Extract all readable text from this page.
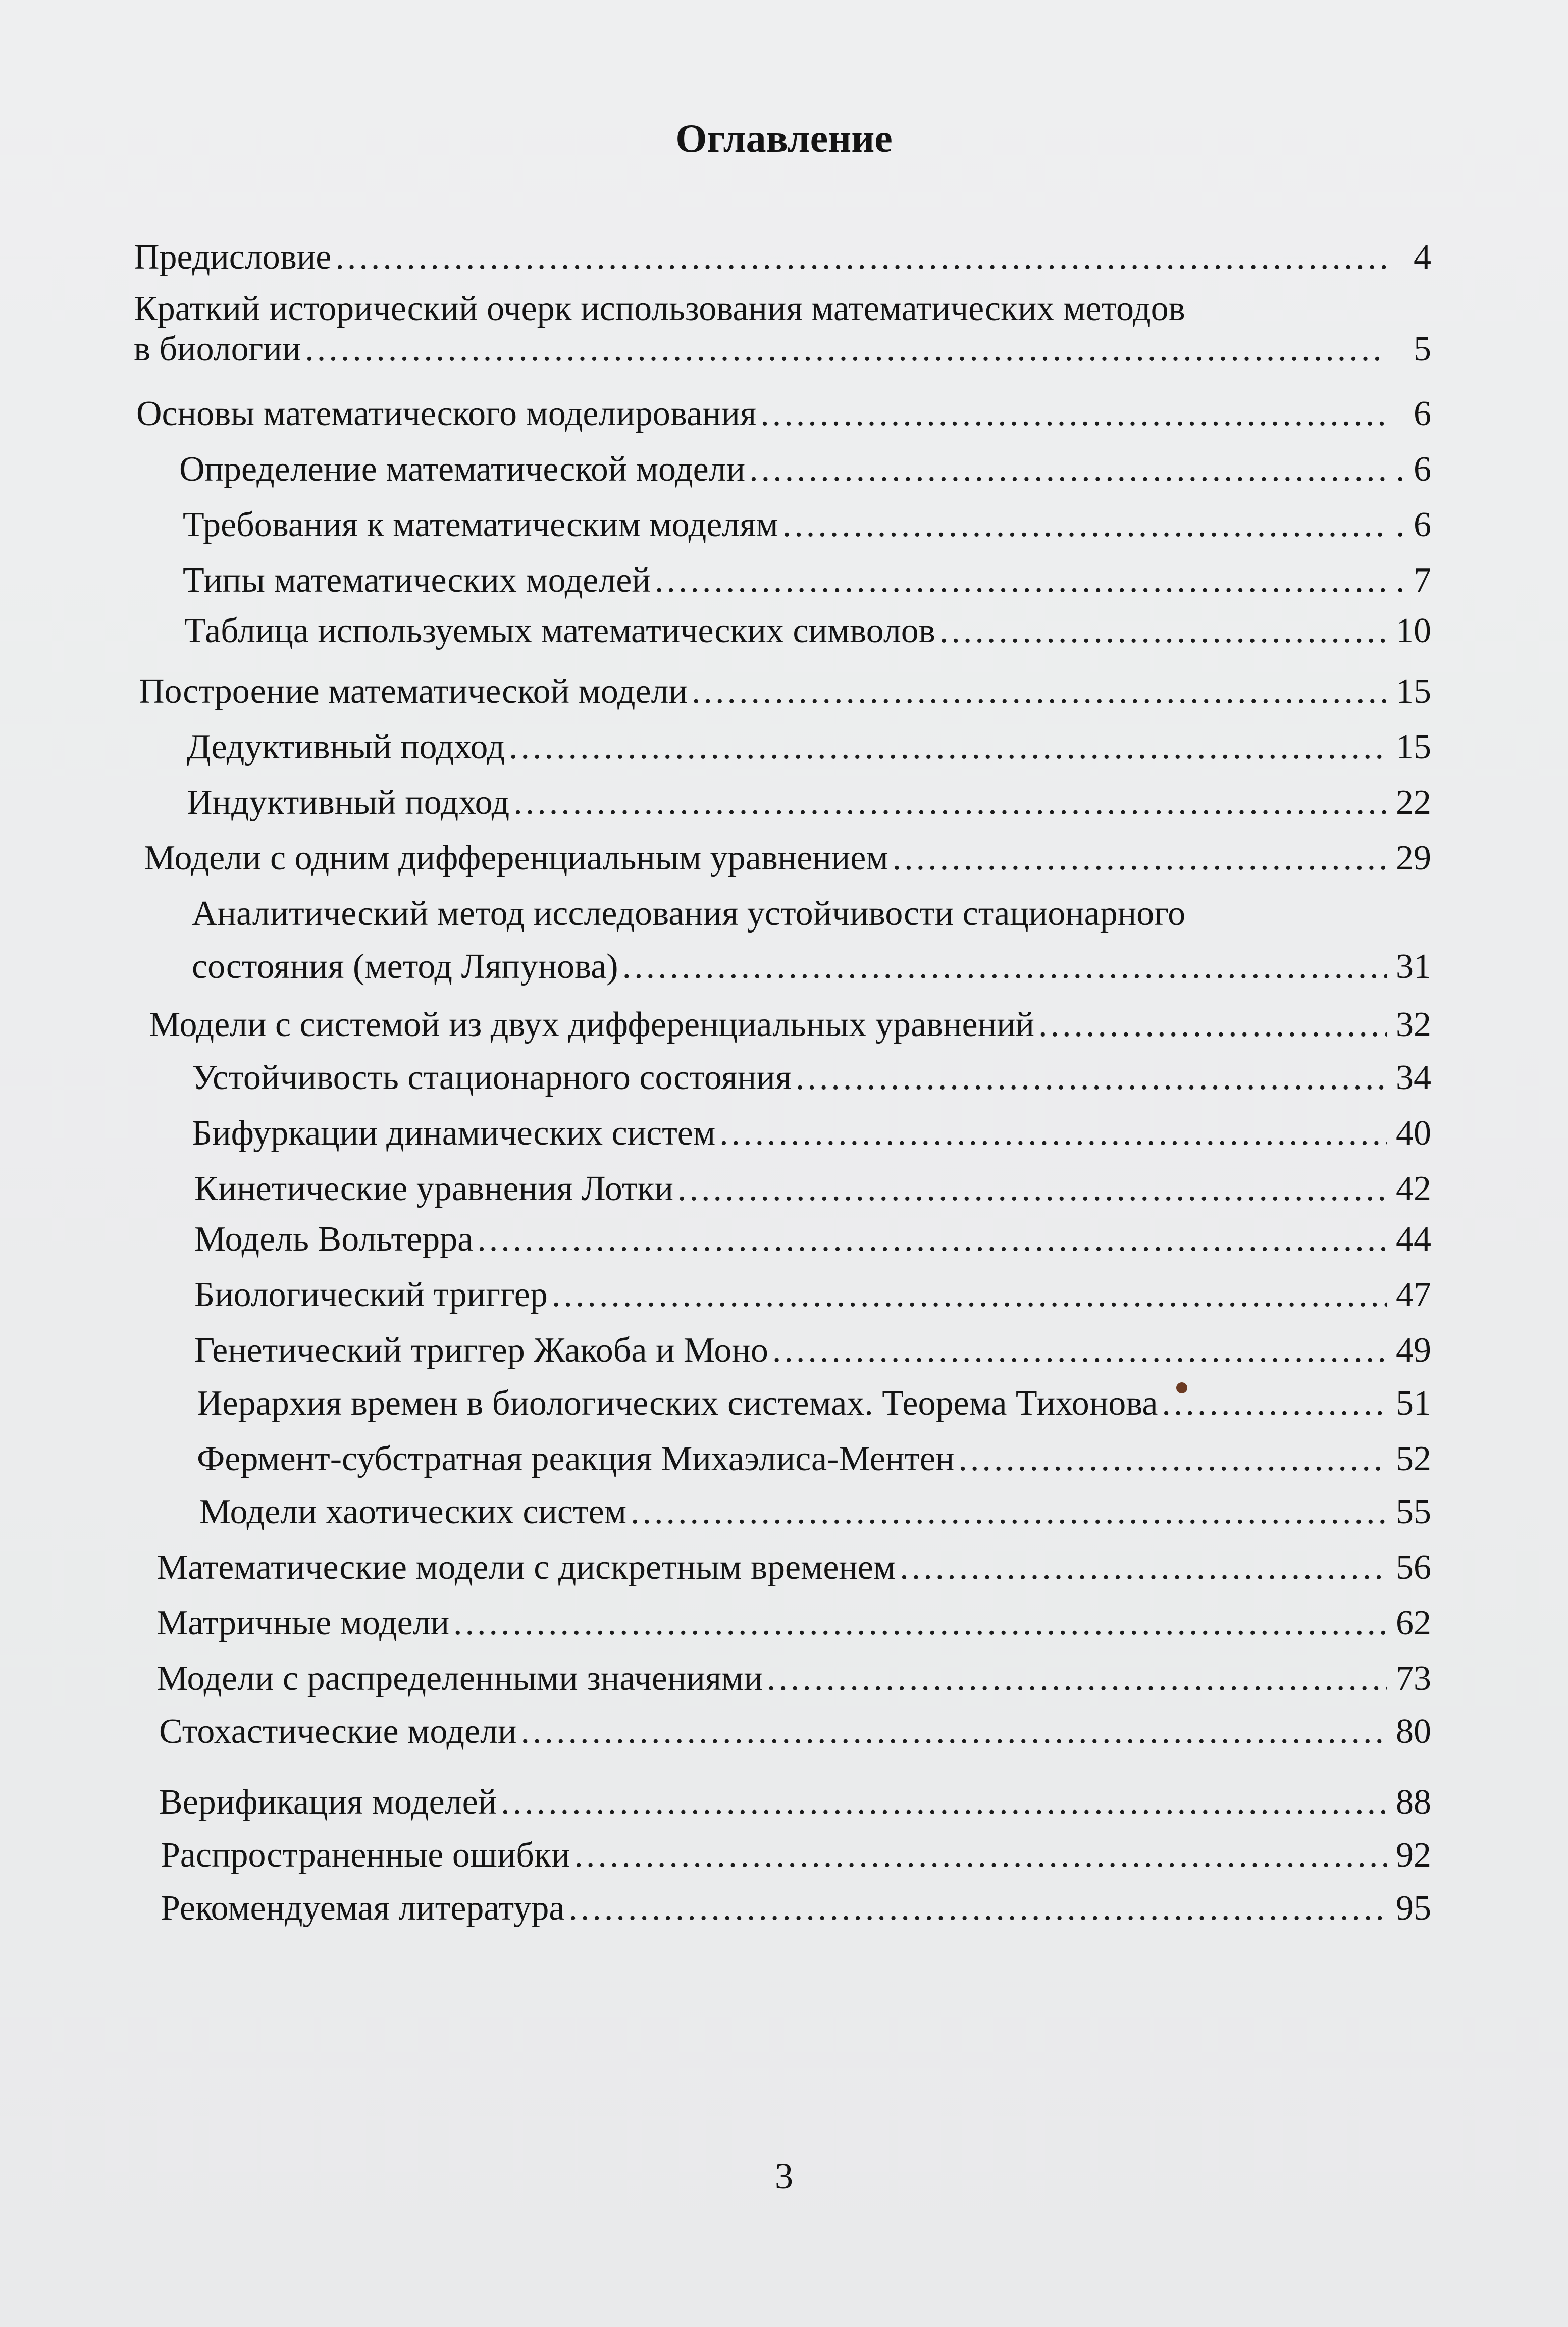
Оглавление
Предисловие .....	4
Краткий исторический очерк использования математических методов
в биологии .....	5
Основы математического моделирования .....	6
Определение математической модели .....	. 6
Требования к математическим моделям .....	. 6
Типы математических моделей .....	. 7
Таблица используемых математических символов .....	10
Построение математической модели .....	15
Дедуктивный подход .....	15
Индуктивный подход .....	22
Модели с одним дифференциальным уравнением .....	29
Аналитический метод исследования устойчивости стационарного
состояния (метод Ляпунова) .....	31
Модели с системой из двух дифференциальных уравнений .....	32
Устойчивость стационарного состояния .....	34
Бифуркации динамических систем .....	40
Кинетические уравнения Лотки .....	42
Модель Вольтерра .....	44
Биологический триггер .....	47
Генетический триггер Жакоба и Моно .....	49
Иерархия времен в биологических системах. Теорема Тихонова .....	51
Фермент-субстратная реакция Михаэлиса-Ментен .....	52
Модели хаотических систем .....	55
Математические модели с дискретным временем .....	56
Матричные модели .....	62
Модели с распределенными значениями .....	73
Стохастические модели .....	80
Верификация моделей .....	88
Распространенные ошибки .....	92
Рекомендуемая литература .....	95
3
